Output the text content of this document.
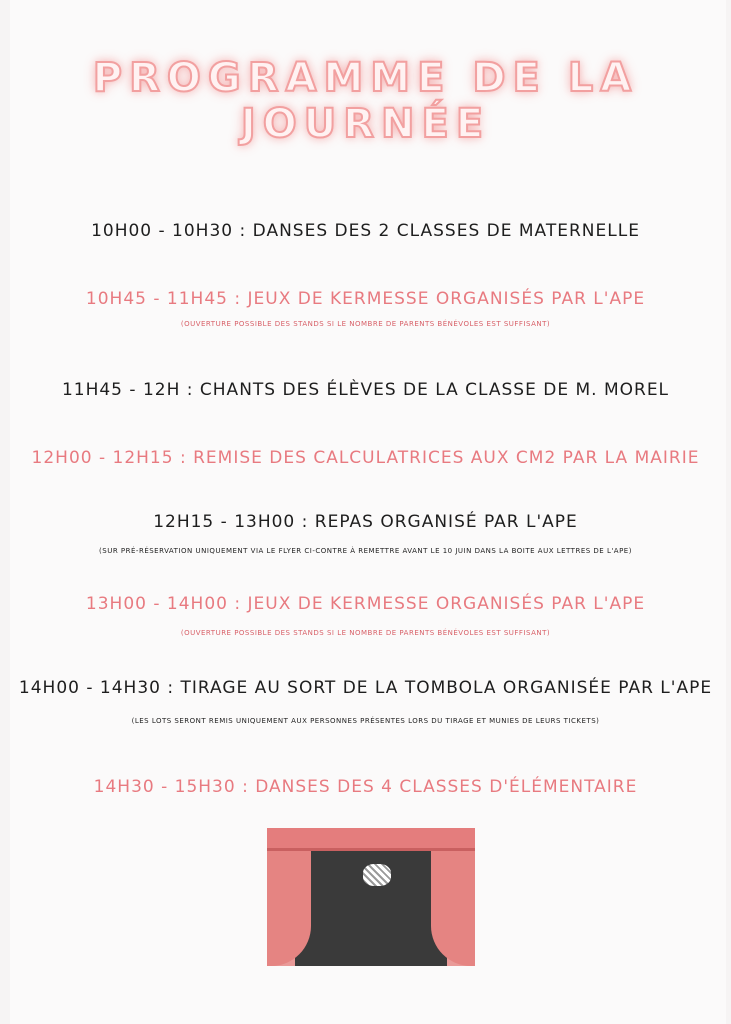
PROGRAMME DE LA
JOURNÉE
10H00 - 10H30 : DANSES DES 2 CLASSES DE MATERNELLE
10H45 - 11H45 : JEUX DE KERMESSE ORGANISÉS PAR L'APE
(OUVERTURE POSSIBLE DES STANDS SI LE NOMBRE DE PARENTS BÉNÉVOLES EST SUFFISANT)
11H45 - 12H : CHANTS DES ÉLÈVES DE LA CLASSE DE M. MOREL
12H00 - 12H15 : REMISE DES CALCULATRICES AUX CM2 PAR LA MAIRIE
12H15 - 13H00 : REPAS ORGANISÉ PAR L'APE
(SUR PRÉ-RÉSERVATION UNIQUEMENT VIA LE FLYER CI-CONTRE À REMETTRE AVANT LE 10 JUIN DANS LA BOITE AUX LETTRES DE L'APE)
13H00 - 14H00 : JEUX DE KERMESSE ORGANISÉS PAR L'APE
(OUVERTURE POSSIBLE DES STANDS SI LE NOMBRE DE PARENTS BÉNÉVOLES EST SUFFISANT)
14H00 - 14H30 : TIRAGE AU SORT DE LA TOMBOLA ORGANISÉE PAR L'APE
(LES LOTS SERONT REMIS UNIQUEMENT AUX PERSONNES PRÉSENTES LORS DU TIRAGE ET MUNIES DE LEURS TICKETS)
14H30 - 15H30 : DANSES DES 4 CLASSES D'ÉLÉMENTAIRE
